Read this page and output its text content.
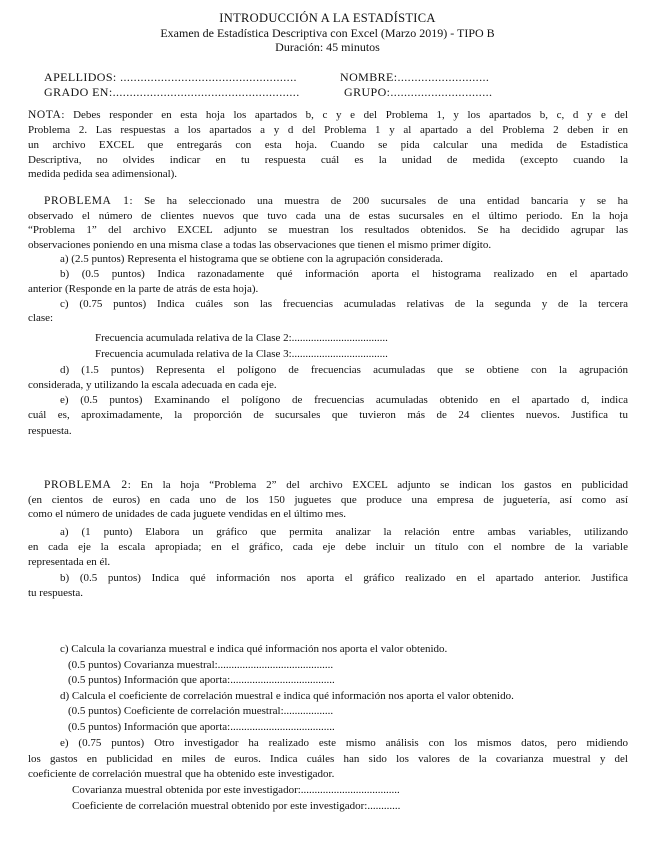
INTRODUCCIÓN A LA ESTADÍSTICA
Examen de Estadística Descriptiva con Excel (Marzo 2019) - TIPO B
Duración: 45 minutos
APELLIDOS: ....................................................	NOMBRE:...........................
GRADO EN:.......................................................	GRUPO:..............................
NOTA: Debes responder en esta hoja los apartados b, c y e del Problema 1, y los apartados b, c, d y e del
Problema 2. Las respuestas a los apartados a y d del Problema 1 y al apartado a del Problema 2 deben ir en
un archivo EXCEL que entregarás con esta hoja. Cuando se pida calcular una medida de Estadística
Descriptiva, no olvides indicar en tu respuesta cuál es la unidad de medida (excepto cuando la
medida pedida sea adimensional).
PROBLEMA 1: Se ha seleccionado una muestra de 200 sucursales de una entidad bancaria y se ha
observado el número de clientes nuevos que tuvo cada una de estas sucursales en el último periodo. En la hoja
“Problema 1” del archivo EXCEL adjunto se muestran los resultados obtenidos. Se ha decidido agrupar las
observaciones poniendo en una misma clase a todas las observaciones que tienen el mismo primer dígito.
a) (2.5 puntos) Representa el histograma que se obtiene con la agrupación considerada.
b) (0.5 puntos) Indica razonadamente qué información aporta el histograma realizado en el apartado
anterior (Responde en la parte de atrás de esta hoja).
c) (0.75 puntos) Indica cuáles son las frecuencias acumuladas relativas de la segunda y de la tercera
clase:
Frecuencia acumulada relativa de la Clase 2:...................................
Frecuencia acumulada relativa de la Clase 3:...................................
d) (1.5 puntos) Representa el polígono de frecuencias acumuladas que se obtiene con la agrupación
considerada, y utilizando la escala adecuada en cada eje.
e) (0.5 puntos) Examinando el polígono de frecuencias acumuladas obtenido en el apartado d, indica
cuál es, aproximadamente, la proporción de sucursales que tuvieron más de 24 clientes nuevos. Justifica tu
respuesta.
PROBLEMA 2: En la hoja “Problema 2” del archivo EXCEL adjunto se indican los gastos en publicidad
(en cientos de euros) en cada uno de los 150 juguetes que produce una empresa de juguetería, así como así
como el número de unidades de cada juguete vendidas en el último mes.
a) (1 punto) Elabora un gráfico que permita analizar la relación entre ambas variables, utilizando
en cada eje la escala apropiada; en el gráfico, cada eje debe incluir un título con el nombre de la variable
representada en él.
b) (0.5 puntos) Indica qué información nos aporta el gráfico realizado en el apartado anterior. Justifica
tu respuesta.
c) Calcula la covarianza muestral e indica qué información nos aporta el valor obtenido.
(0.5 puntos) Covarianza muestral:..........................................
(0.5 puntos) Información que aporta:......................................
d) Calcula el coeficiente de correlación muestral e indica qué información nos aporta el valor obtenido.
(0.5 puntos) Coeficiente de correlación muestral:..................
(0.5 puntos) Información que aporta:......................................
e) (0.75 puntos) Otro investigador ha realizado este mismo análisis con los mismos datos, pero midiendo
los gastos en publicidad en miles de euros. Indica cuáles han sido los valores de la covarianza muestral y del
coeficiente de correlación muestral que ha obtenido este investigador.
Covarianza muestral obtenida por este investigador:....................................
Coeficiente de correlación muestral obtenido por este investigador:............
